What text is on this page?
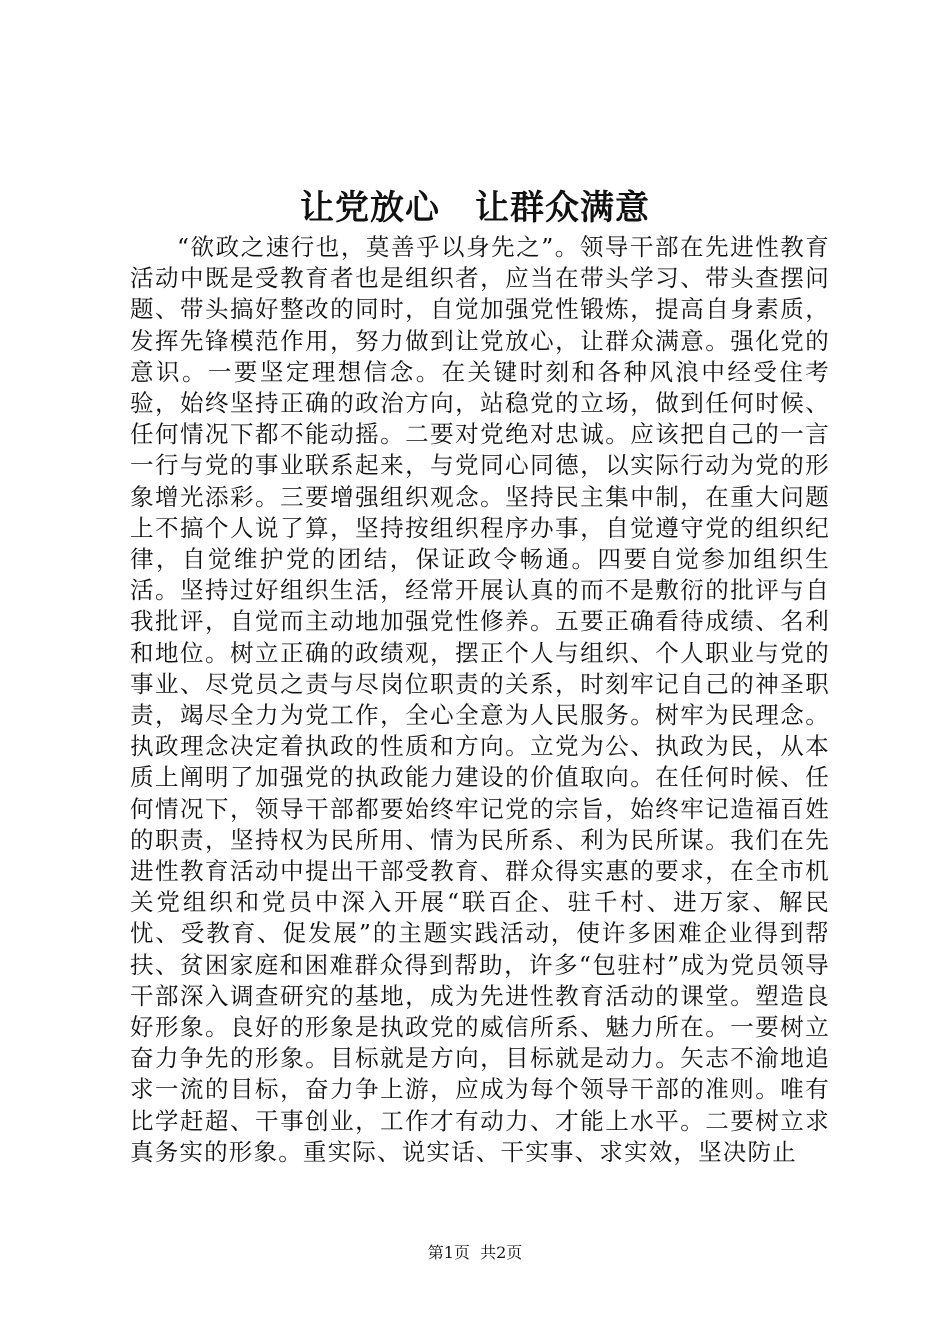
让党放心　让群众满意

“欲政之速行也，莫善乎以身先之”。领导干部在先进性教育活动中既是受教育者也是组织者，应当在带头学习、带头查摆问题、带头搞好整改的同时，自觉加强党性锻炼，提高自身素质，发挥先锋模范作用，努力做到让党放心，让群众满意。强化党的意识。一要坚定理想信念。在关键时刻和各种风浪中经受住考验，始终坚持正确的政治方向，站稳党的立场，做到任何时候、任何情况下都不能动摇。二要对党绝对忠诚。应该把自己的一言一行与党的事业联系起来，与党同心同德，以实际行动为党的形象增光添彩。三要增强组织观念。坚持民主集中制，在重大问题上不搞个人说了算，坚持按组织程序办事，自觉遵守党的组织纪律，自觉维护党的团结，保证政令畅通。四要自觉参加组织生活。坚持过好组织生活，经常开展认真的而不是敷衍的批评与自我批评，自觉而主动地加强党性修养。五要正确看待成绩、名利和地位。树立正确的政绩观，摆正个人与组织、个人职业与党的事业、尽党员之责与尽岗位职责的关系，时刻牢记自己的神圣职责，竭尽全力为党工作，全心全意为人民服务。树牢为民理念。执政理念决定着执政的性质和方向。立党为公、执政为民，从本质上阐明了加强党的执政能力建设的价值取向。在任何时候、任何情况下，领导干部都要始终牢记党的宗旨，始终牢记造福百姓的职责，坚持权为民所用、情为民所系、利为民所谋。我们在先进性教育活动中提出干部受教育、群众得实惠的要求，在全市机关党组织和党员中深入开展“联百企、驻千村、进万家、解民忧、受教育、促发展”的主题实践活动，使许多困难企业得到帮扶、贫困家庭和困难群众得到帮助，许多“包驻村”成为党员领导干部深入调查研究的基地，成为先进性教育活动的课堂。塑造良好形象。良好的形象是执政党的威信所系、魅力所在。一要树立奋力争先的形象。目标就是方向，目标就是动力。矢志不渝地追求一流的目标，奋力争上游，应成为每个领导干部的准则。唯有比学赶超、干事创业，工作才有动力、才能上水平。二要树立求真务实的形象。重实际、说实话、干实事、求实效，坚决防止

第1页  共2页
